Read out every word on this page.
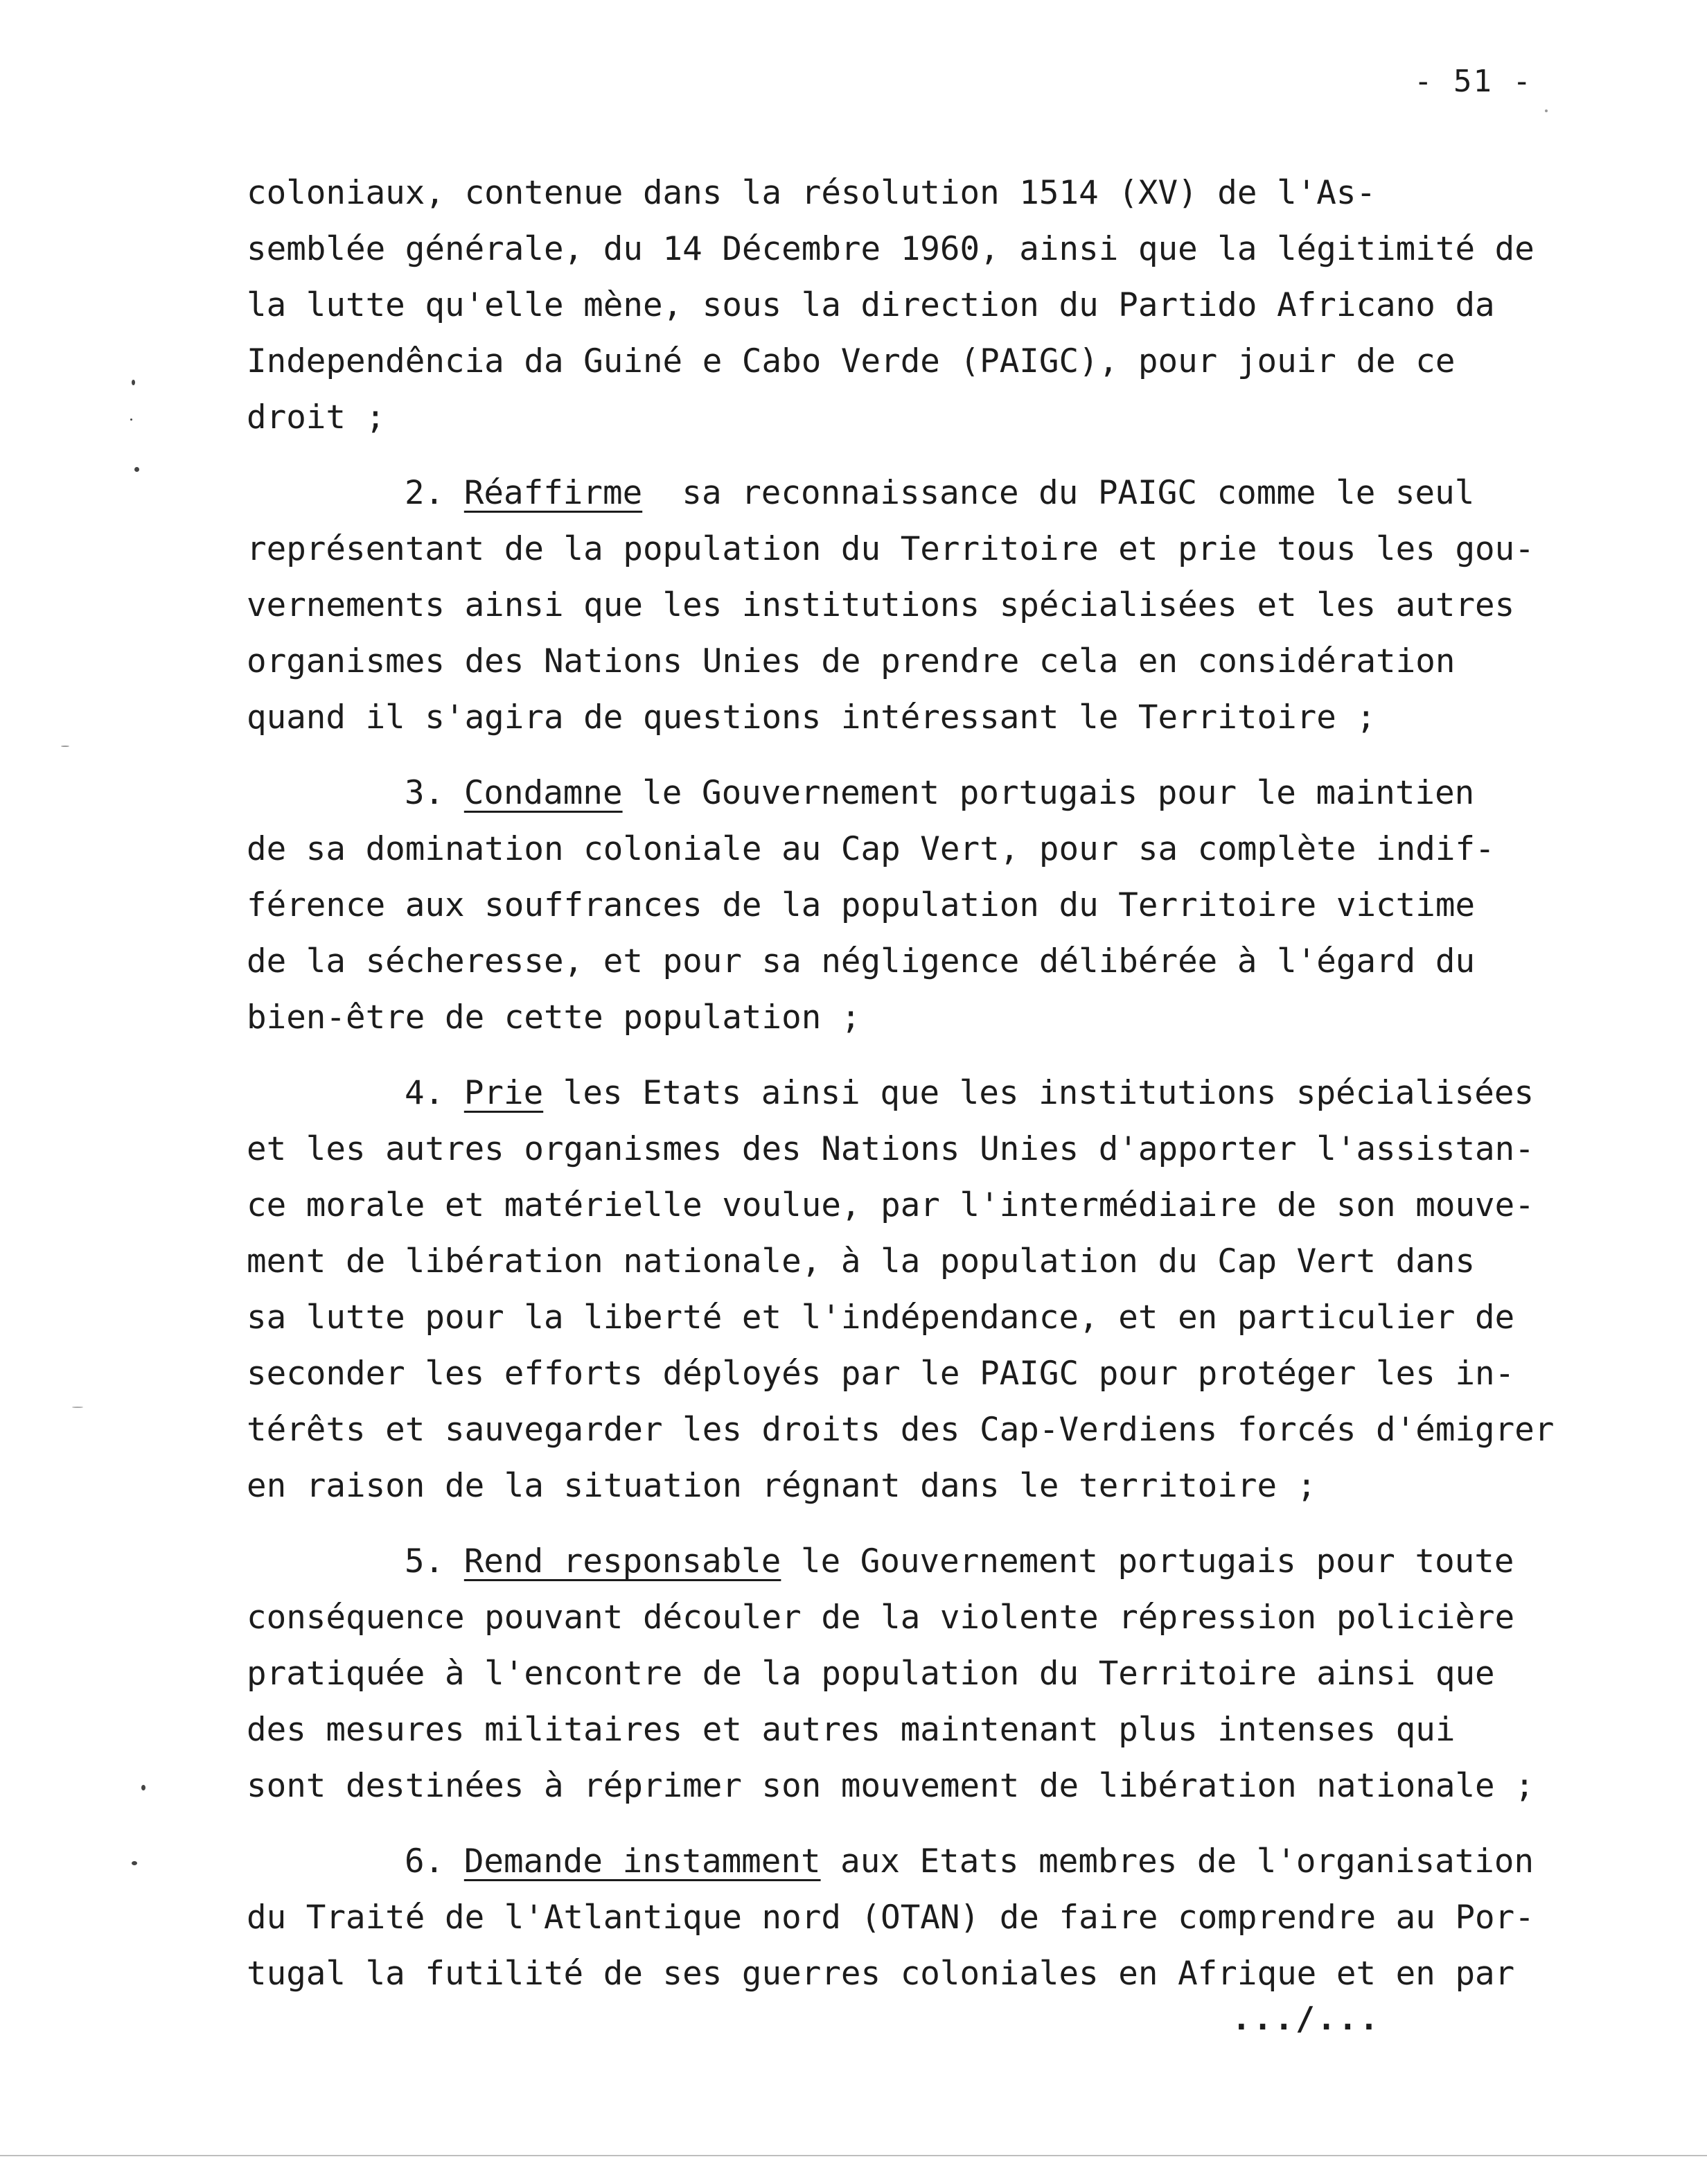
- 51 -
coloniaux, contenue dans la résolution 1514 (XV) de l'As-
semblée générale, du 14 Décembre 1960, ainsi que la légitimité de
la lutte qu'elle mène, sous la direction du Partido Africano da
Independência da Guiné e Cabo Verde (PAIGC), pour jouir de ce
droit ;
2. Réaffirme  sa reconnaissance du PAIGC comme le seul
représentant de la population du Territoire et prie tous les gou-
vernements ainsi que les institutions spécialisées et les autres
organismes des Nations Unies de prendre cela en considération
quand il s'agira de questions intéressant le Territoire ;
3. Condamne le Gouvernement portugais pour le maintien
de sa domination coloniale au Cap Vert, pour sa complète indif-
férence aux souffrances de la population du Territoire victime
de la sécheresse, et pour sa négligence délibérée à l'égard du
bien-être de cette population ;
4. Prie les Etats ainsi que les institutions spécialisées
et les autres organismes des Nations Unies d'apporter l'assistan-
ce morale et matérielle voulue, par l'intermédiaire de son mouve-
ment de libération nationale, à la population du Cap Vert dans
sa lutte pour la liberté et l'indépendance, et en particulier de
seconder les efforts déployés par le PAIGC pour protéger les in-
térêts et sauvegarder les droits des Cap-Verdiens forcés d'émigrer
en raison de la situation régnant dans le territoire ;
5. Rend responsable le Gouvernement portugais pour toute
conséquence pouvant découler de la violente répression policière
pratiquée à l'encontre de la population du Territoire ainsi que
des mesures militaires et autres maintenant plus intenses qui
sont destinées à réprimer son mouvement de libération nationale ;
6. Demande instamment aux Etats membres de l'organisation
du Traité de l'Atlantique nord (OTAN) de faire comprendre au Por-
tugal la futilité de ses guerres coloniales en Afrique et en par
.../...
